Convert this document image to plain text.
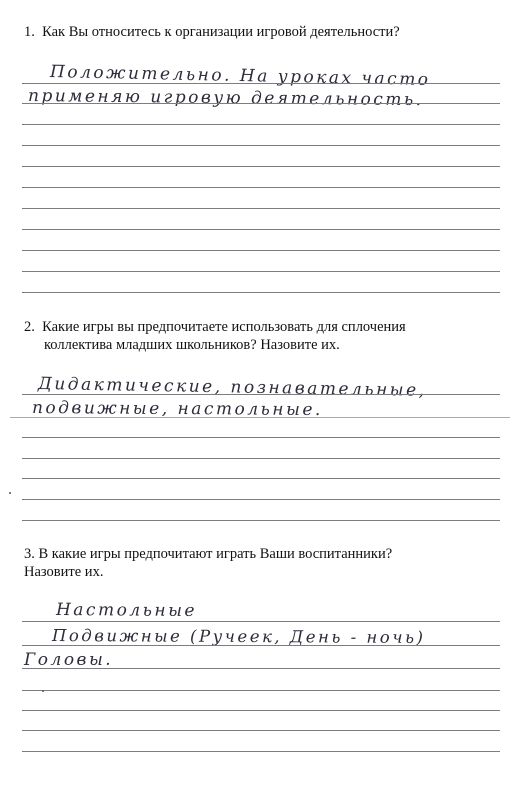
1. Как Вы относитесь к организации игровой деятельности?
Положительно. На уроках часто
применяю игровую деятельность.
2. Какие игры вы предпочитаете использовать для сплочения
коллектива младших школьников? Назовите их.
Дидактические, познавательные,
подвижные, настольные.
3. В какие игры предпочитают играть Ваши воспитанники?
Назовите их.
Настольные
Подвижные (Ручеек, День - ночь)
Головы.
